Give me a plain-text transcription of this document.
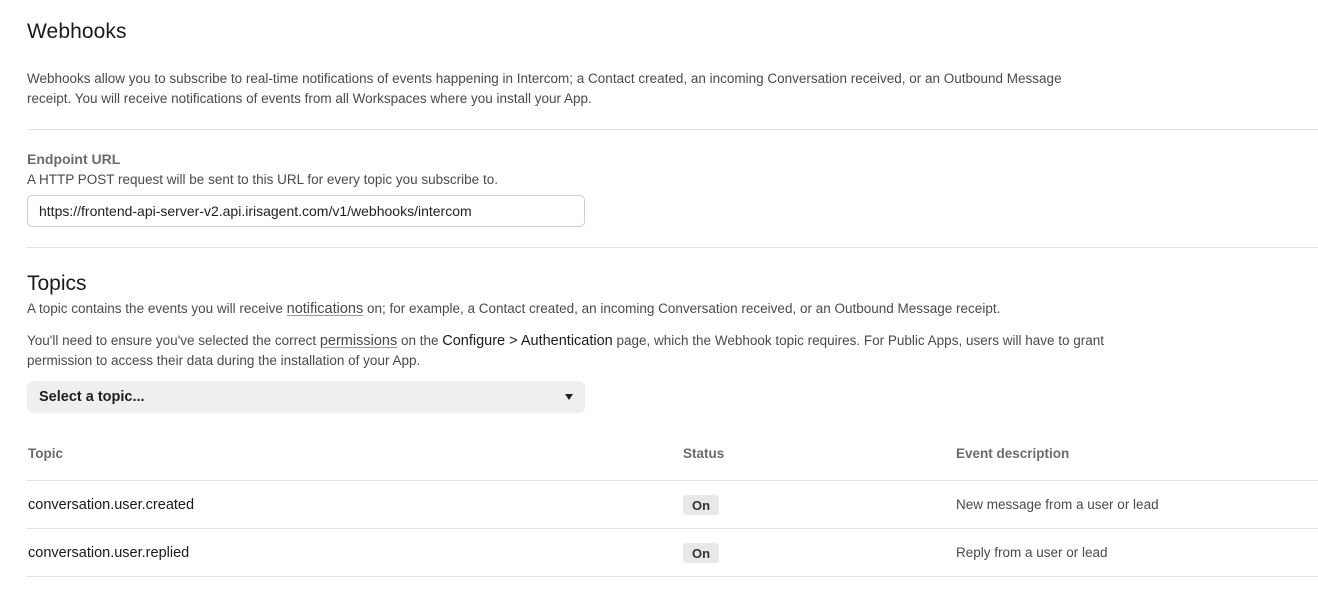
Webhooks

Webhooks allow you to subscribe to real-time notifications of events happening in Intercom; a Contact created, an incoming Conversation received, or an Outbound Message receipt. You will receive notifications of events from all Workspaces where you install your App.

Endpoint URL
A HTTP POST request will be sent to this URL for every topic you subscribe to.
https://frontend-api-server-v2.api.irisagent.com/v1/webhooks/intercom
Topics

A topic contains the events you will receive notifications on; for example, a Contact created, an incoming Conversation received, or an Outbound Message receipt.

You'll need to ensure you've selected the correct permissions on the Configure > Authentication page, which the Webhook topic requires. For Public Apps, users will have to grant permission to access their data during the installation of your App.

Select a topic...
Topic	Status	Event description
conversation.user.created	On	New message from a user or lead
conversation.user.replied	On	Reply from a user or lead
